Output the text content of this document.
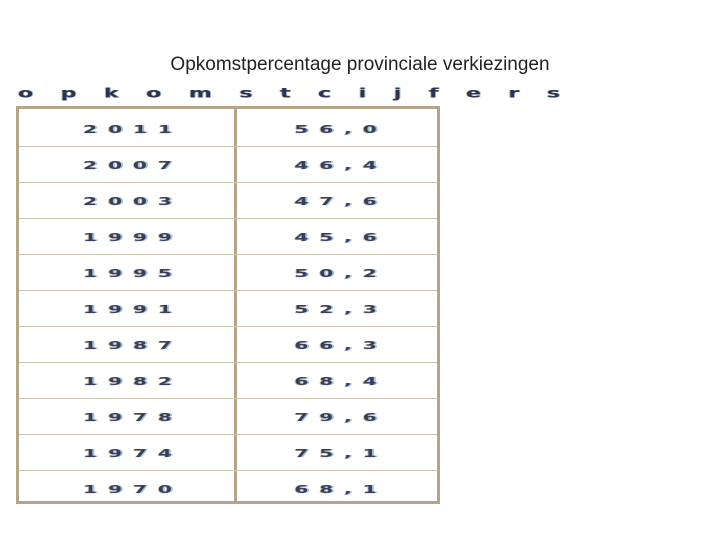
Opkomstpercentage provinciale verkiezingen
o p k o m s t c i j f e r s
2011	56,0
2007	46,4
2003	47,6
1999	45,6
1995	50,2
1991	52,3
1987	66,3
1982	68,4
1978	79,6
1974	75,1
1970	68,1
